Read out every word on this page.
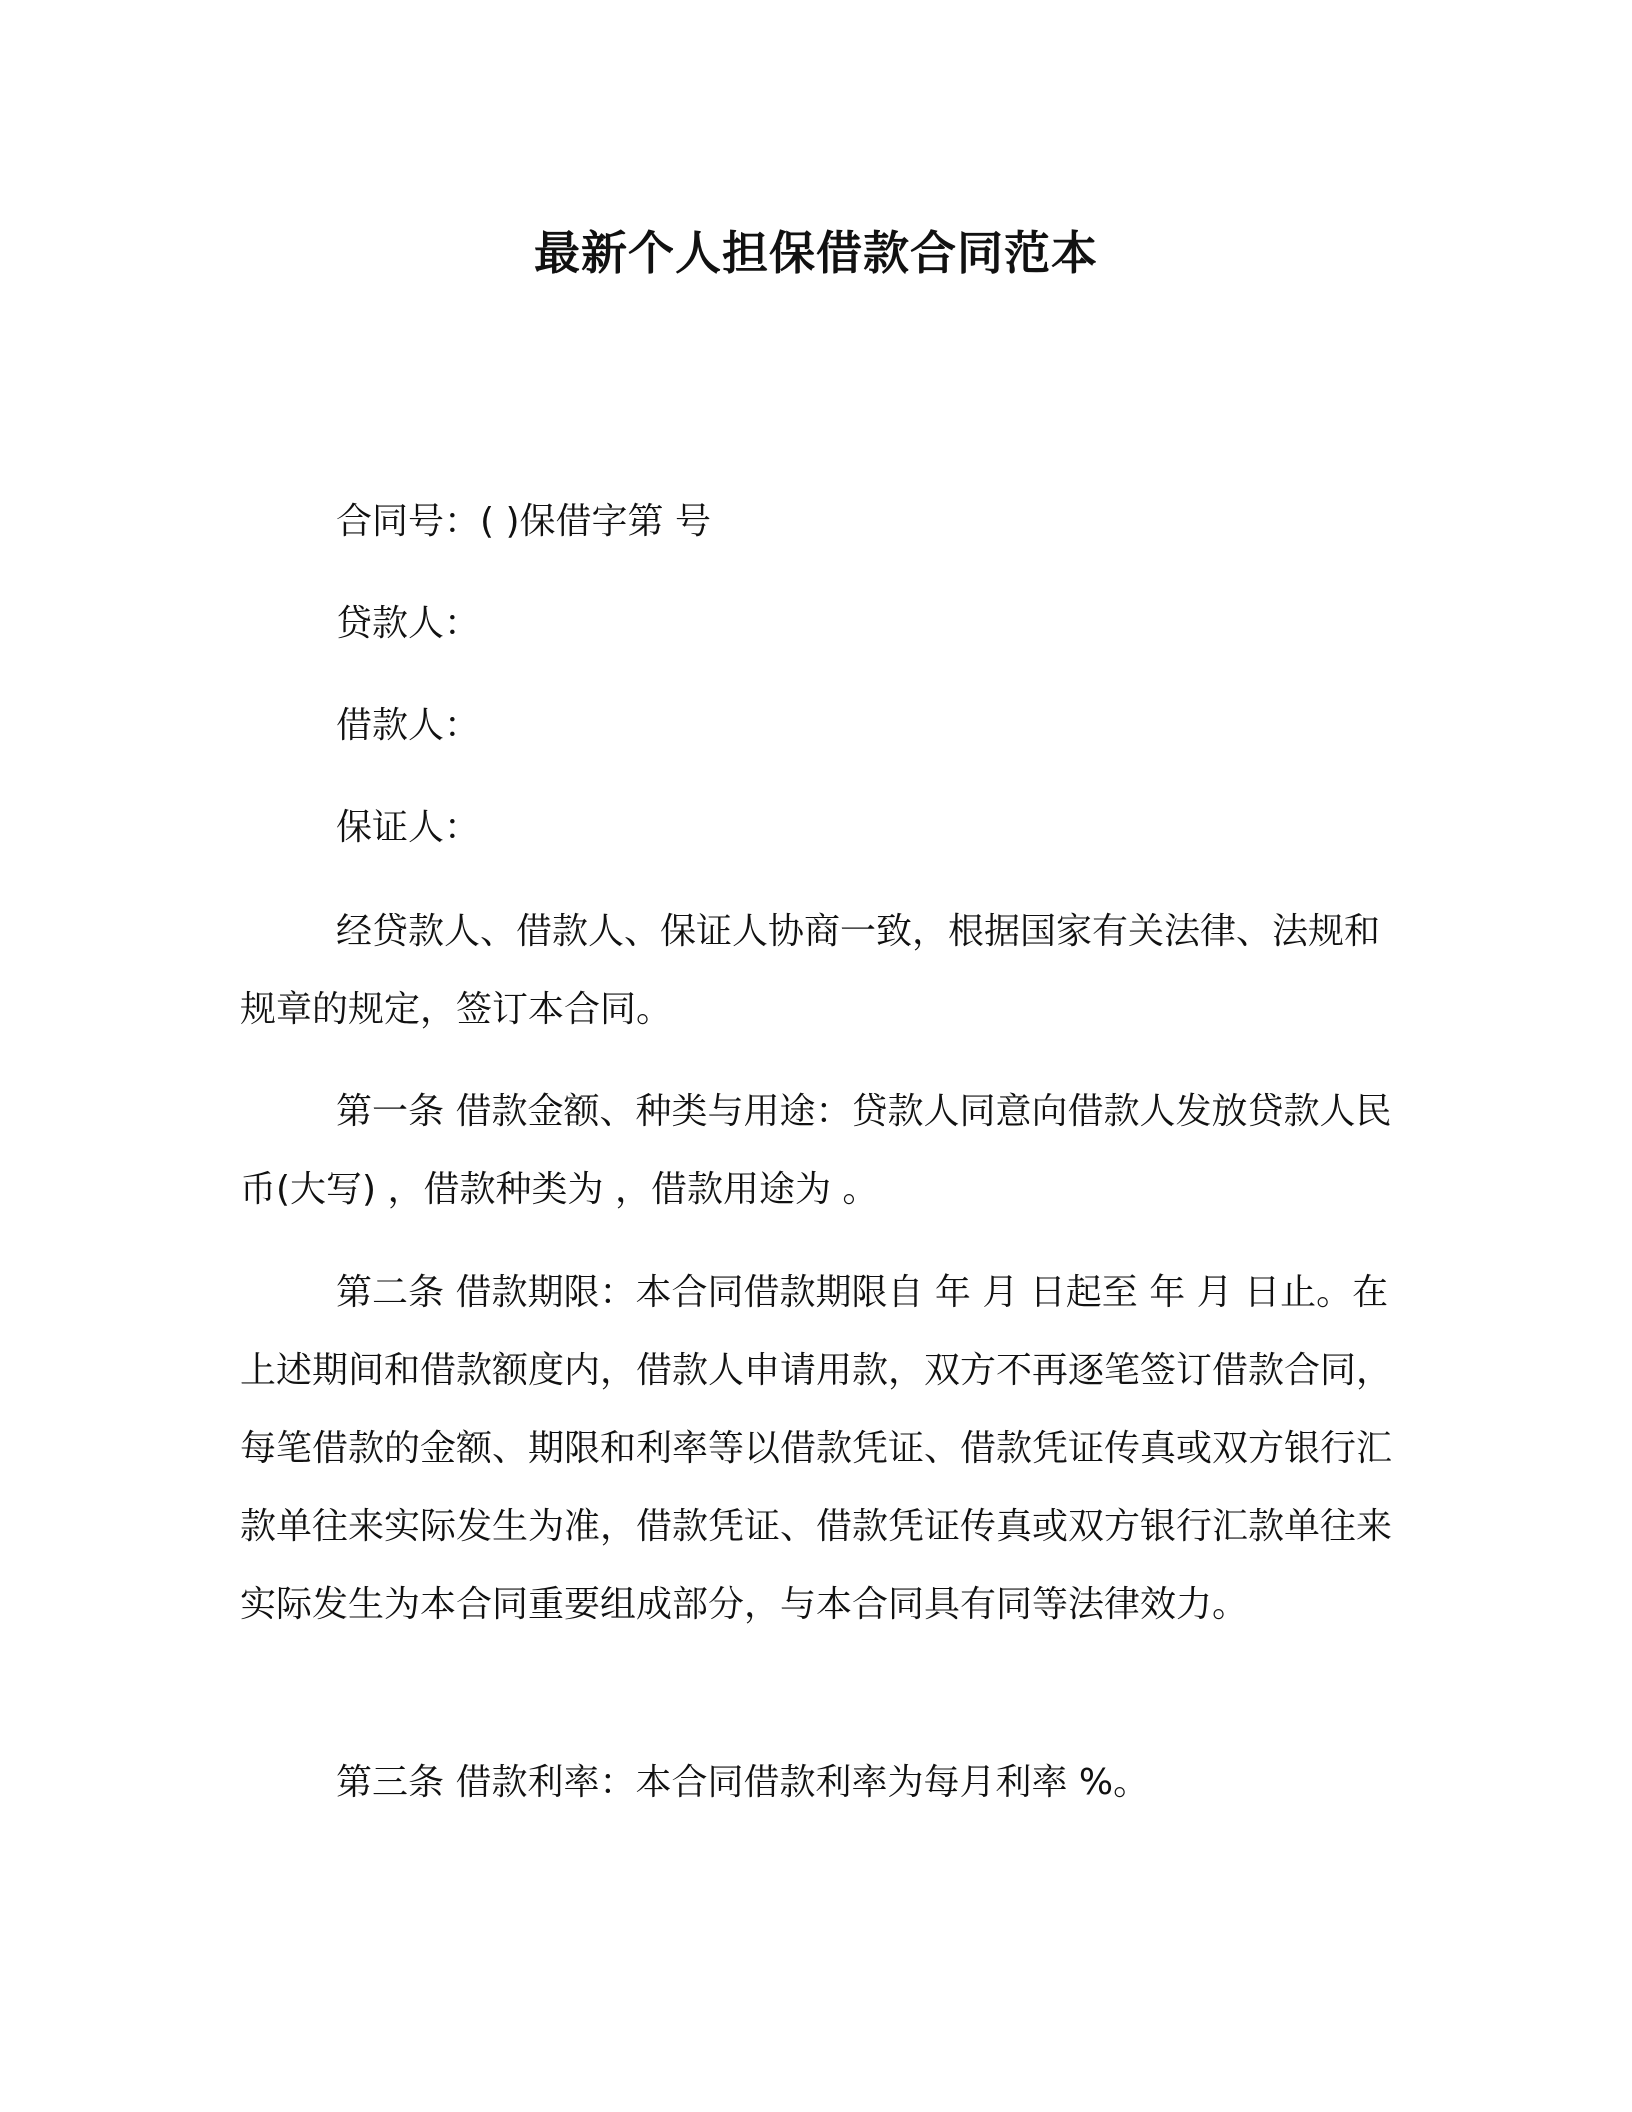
最新个人担保借款合同范本

合同号：( )保借字第 号

贷款人：

借款人：

保证人：

经贷款人、借款人、保证人协商一致，根据国家有关法律、法规和规章的规定，签订本合同。

第一条 借款金额、种类与用途：贷款人同意向借款人发放贷款人民币(大写) ，借款种类为 ，借款用途为 。

第二条 借款期限：本合同借款期限自 年 月 日起至 年 月 日止。在上述期间和借款额度内，借款人申请用款，双方不再逐笔签订借款合同，每笔借款的金额、期限和利率等以借款凭证、借款凭证传真或双方银行汇款单往来实际发生为准，借款凭证、借款凭证传真或双方银行汇款单往来实际发生为本合同重要组成部分，与本合同具有同等法律效力。

第三条 借款利率：本合同借款利率为每月利率 %。
